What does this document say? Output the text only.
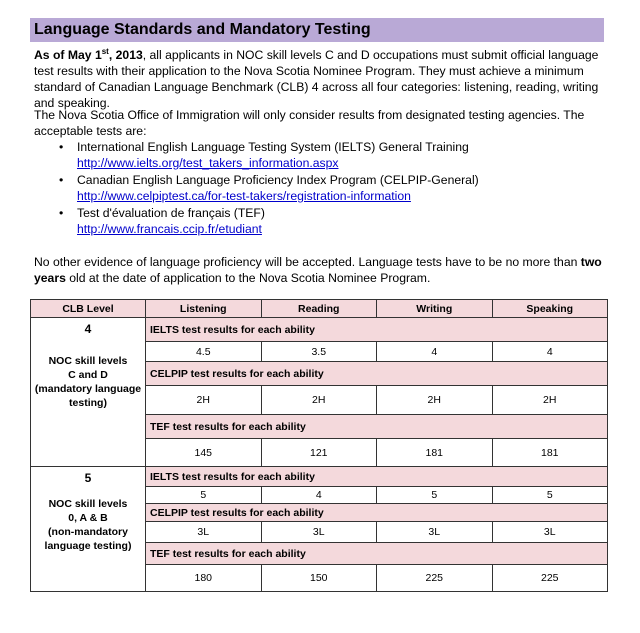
Language Standards and Mandatory Testing
As of May 1st, 2013, all applicants in NOC skill levels C and D occupations must submit official language test results with their application to the Nova Scotia Nominee Program. They must achieve a minimum standard of Canadian Language Benchmark (CLB) 4 across all four categories: listening, reading, writing and speaking.
The Nova Scotia Office of Immigration will only consider results from designated testing agencies. The acceptable tests are:
• International English Language Testing System (IELTS) General Training
http://www.ielts.org/test_takers_information.aspx
• Canadian English Language Proficiency Index Program (CELPIP-General)
http://www.celpiptest.ca/for-test-takers/registration-information
• Test d'évaluation de français (TEF)
http://www.francais.ccip.fr/etudiant
No other evidence of language proficiency will be accepted. Language tests have to be no more than two years old at the date of application to the Nova Scotia Nominee Program.
CLB Level	Listening	Reading	Writing	Speaking

4
NOC skill levels
C and D
(mandatory language
testing)	IELTS test results for each ability			
	4.5	3.5	4	4
	CELPIP test results for each ability			
	2H	2H	2H	2H
	TEF test results for each ability			
	145	121	181	181

5
NOC skill levels
0, A & B
(non-mandatory
language testing)	IELTS test results for each ability			
	5	4	5	5
	CELPIP test results for each ability			
	3L	3L	3L	3L
	TEF test results for each ability			
	180	150	225	225
